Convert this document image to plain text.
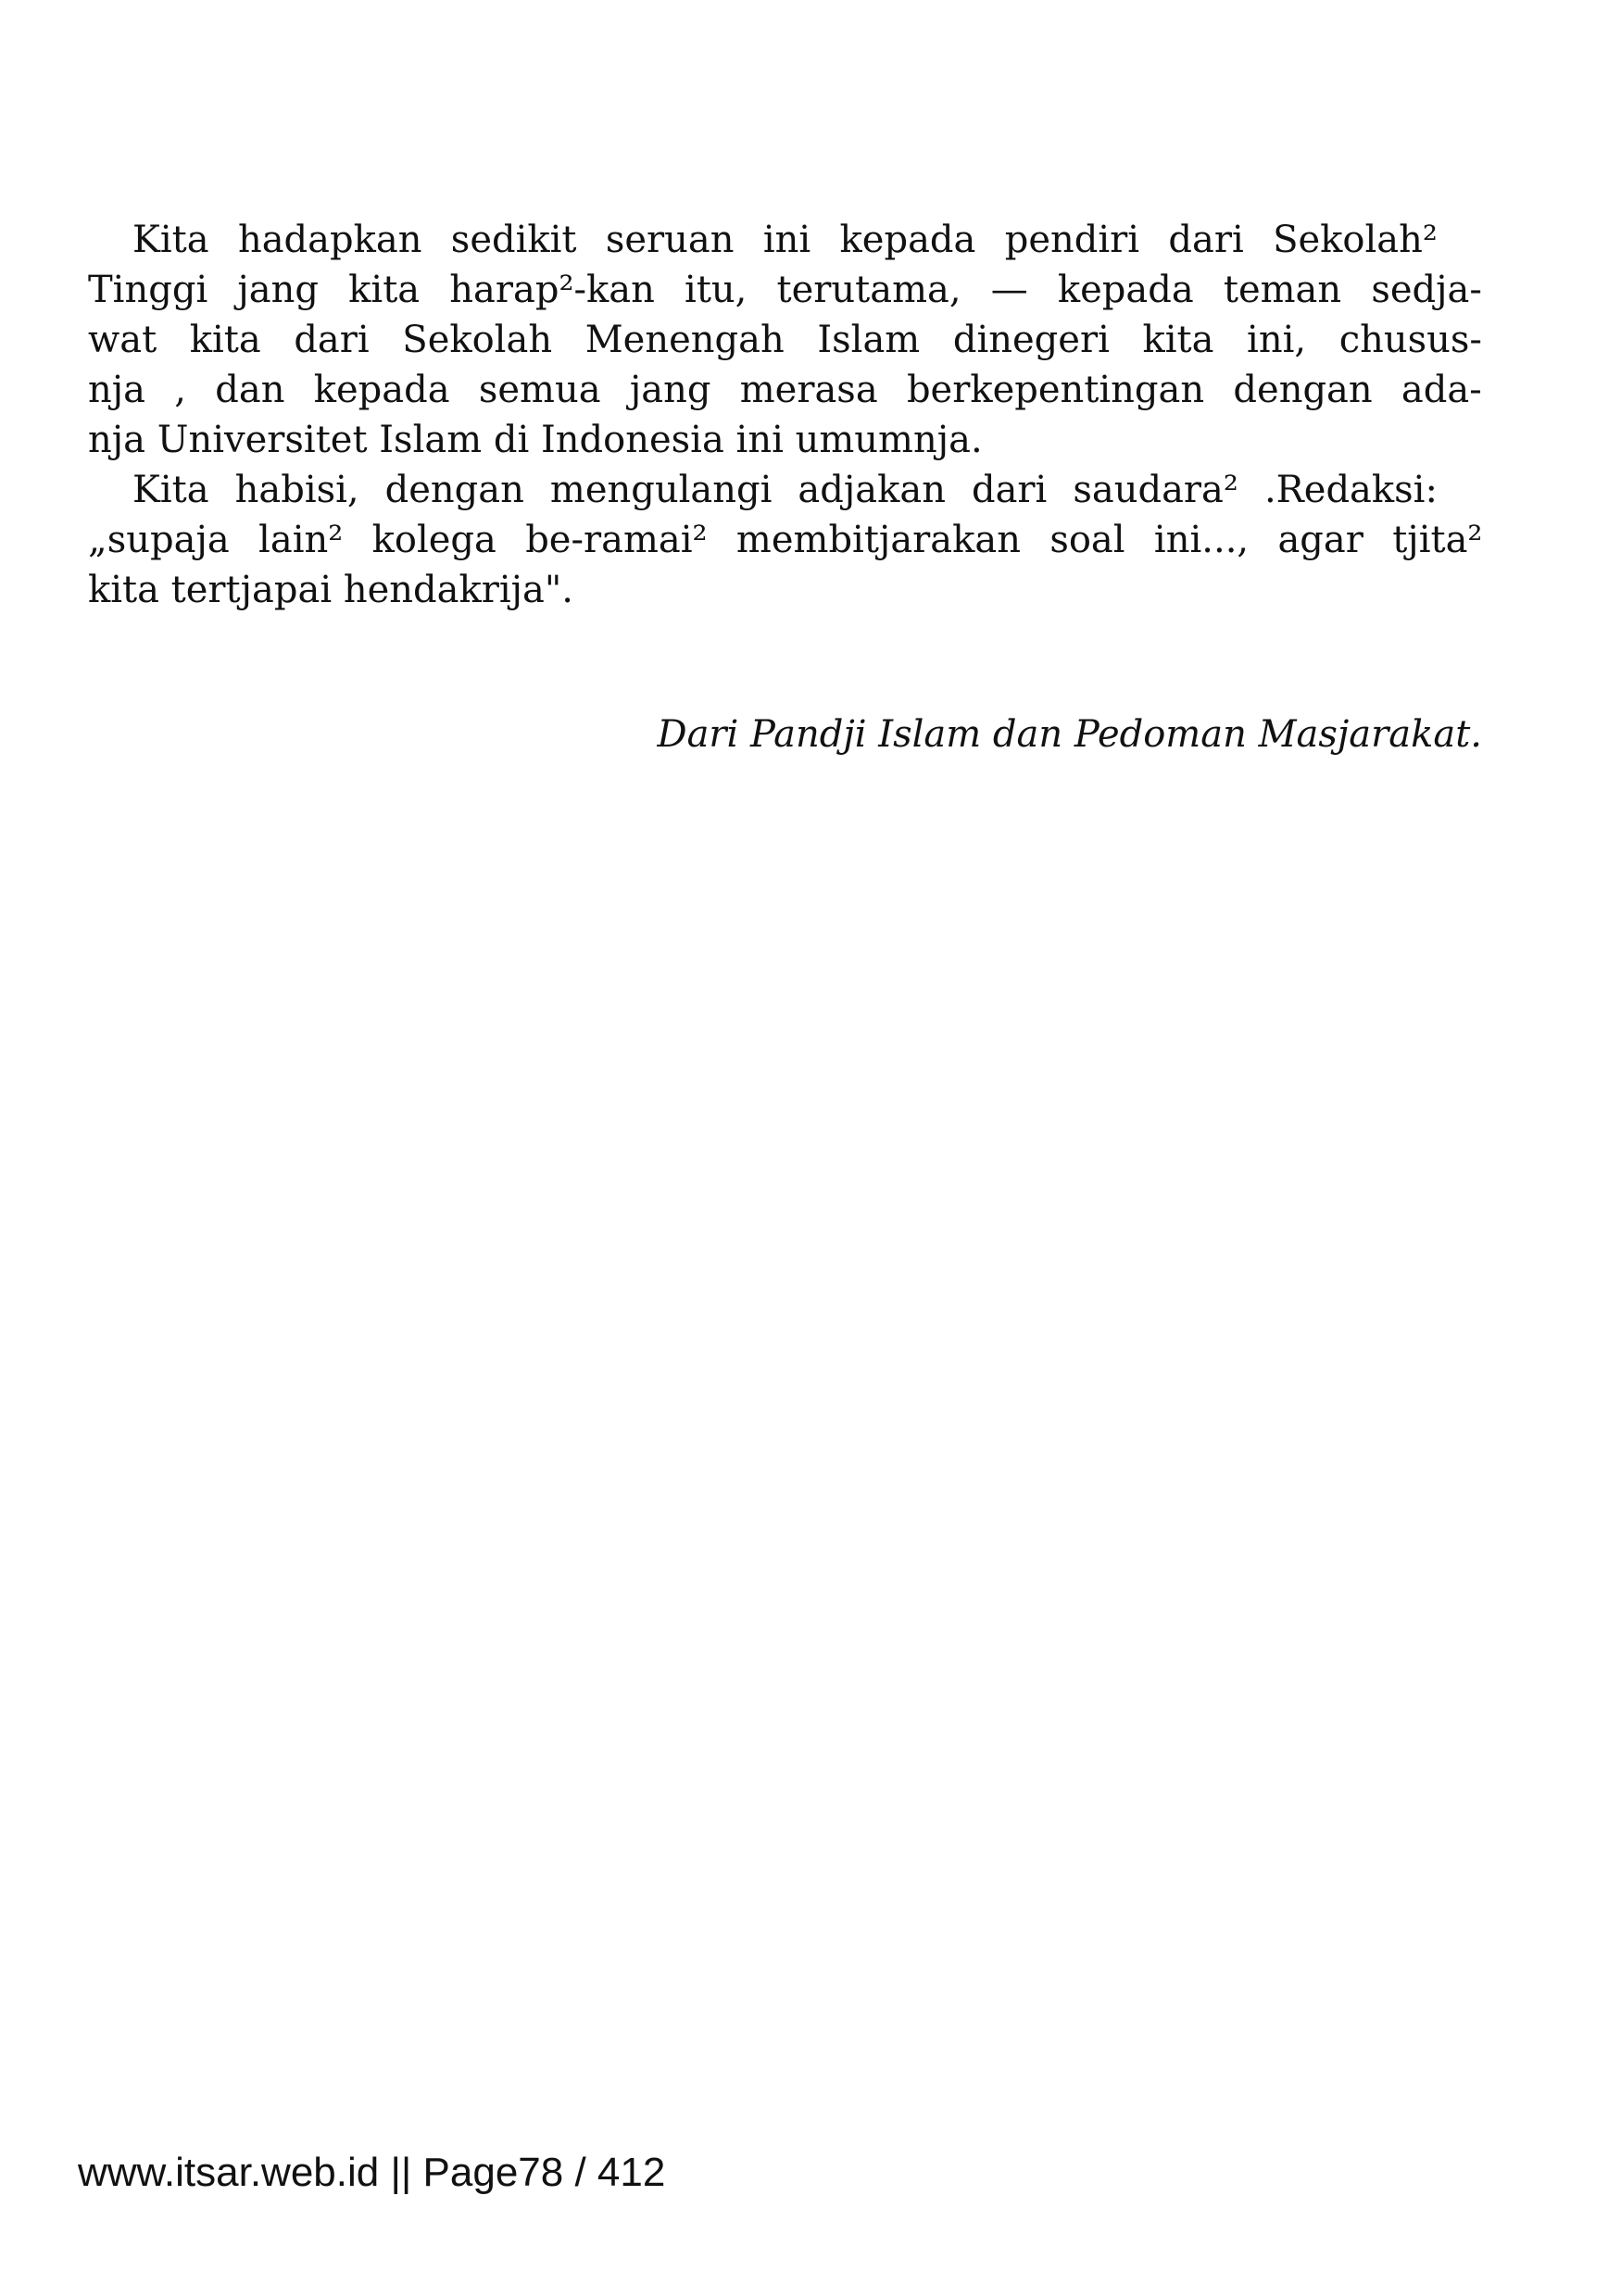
Kita hadapkan sedikit seruan ini kepada pendiri dari Sekolah²
Tinggi jang kita harap²-kan itu, terutama, — kepada teman sedja-
wat kita dari Sekolah Menengah Islam dinegeri kita ini, chusus-
nja , dan kepada semua jang merasa berkepentingan dengan ada-
nja Universitet Islam di Indonesia ini umumnja.
Kita habisi, dengan mengulangi adjakan dari saudara² .Redaksi:
„supaja lain² kolega be-ramai² membitjarakan soal ini..., agar tjita²
kita tertjapai hendakrija".
Dari Pandji Islam dan Pedoman Masjarakat.
www.itsar.web.id || Page78 / 412
